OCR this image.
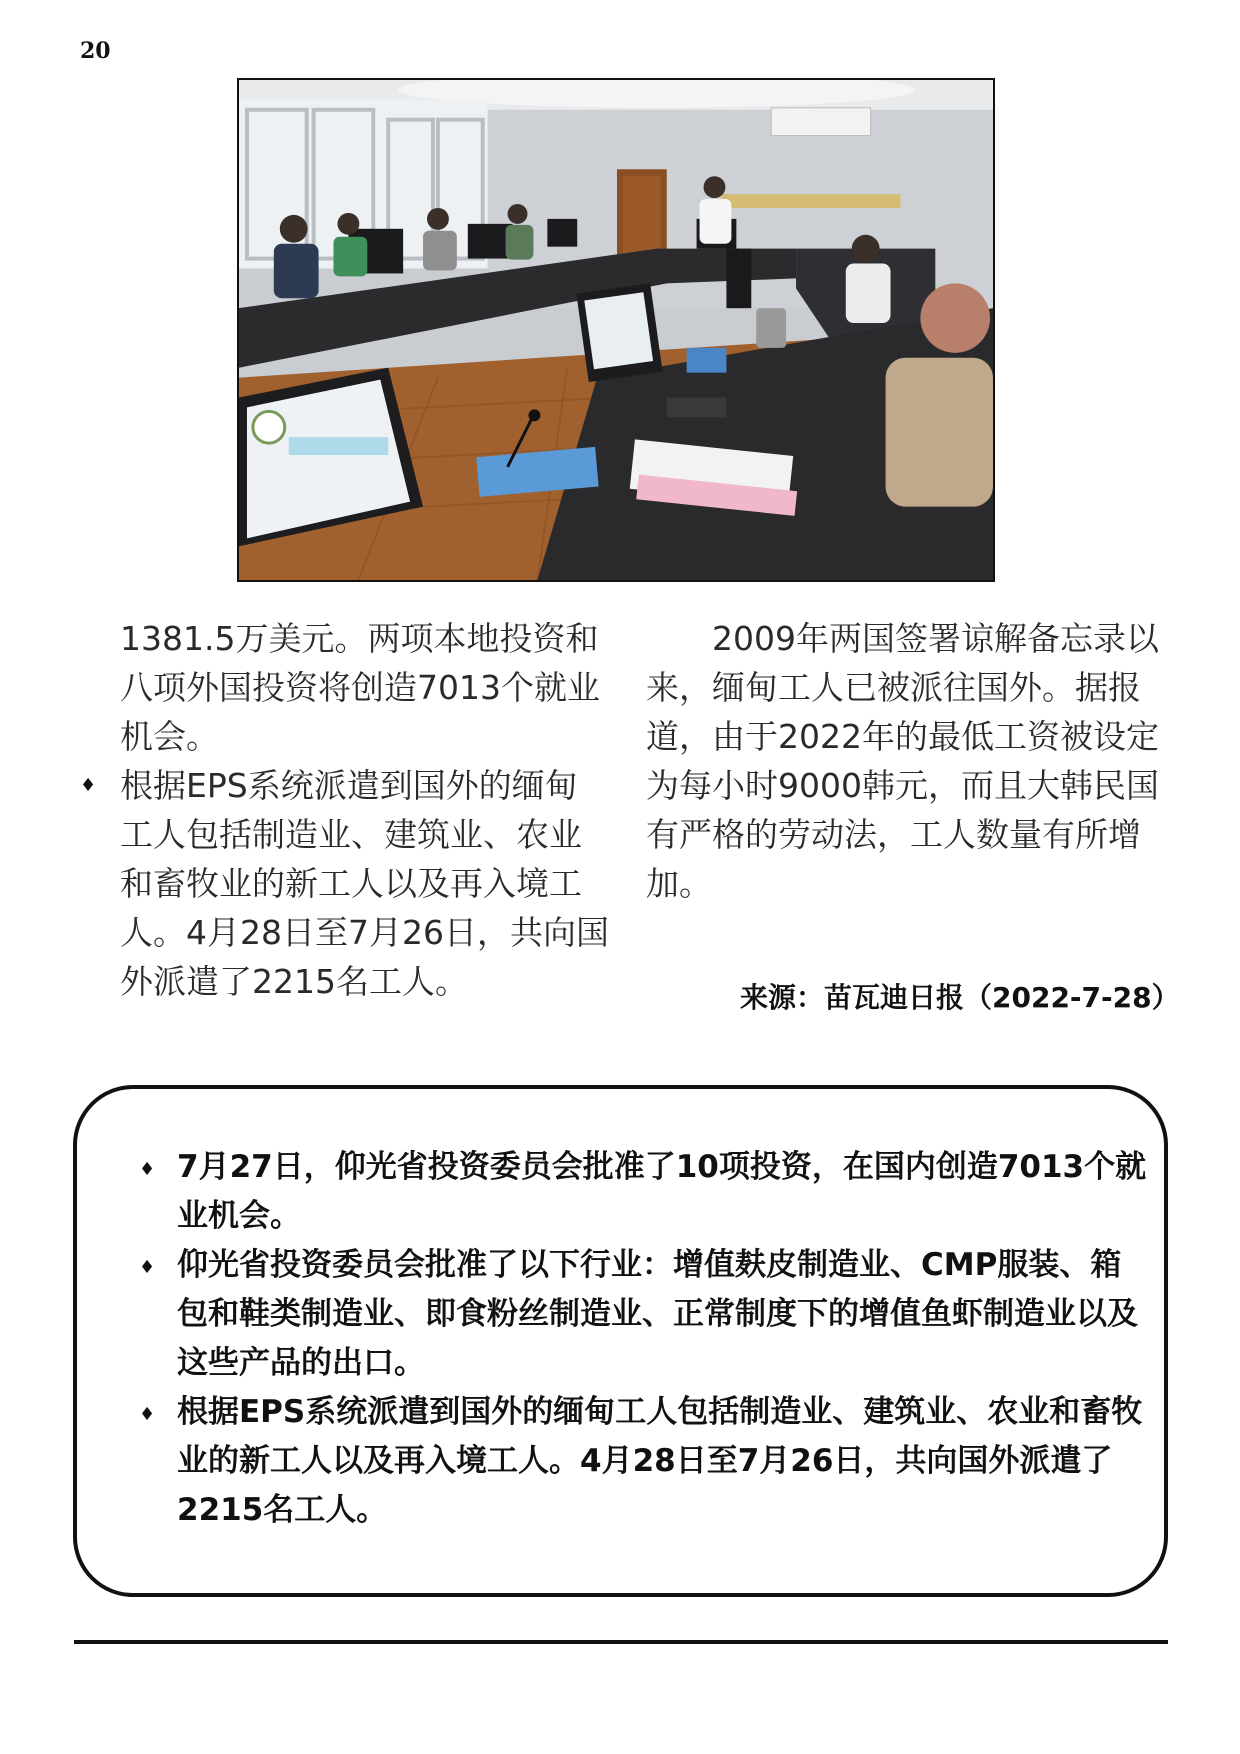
20

1381.5万美元。两项本地投资和八项外国投资将创造7013个就业机会。

♦ 根据EPS系统派遣到国外的缅甸工人包括制造业、建筑业、农业和畜牧业的新工人以及再入境工人。4月28日至7月26日，共向国外派遣了2215名工人。

2009年两国签署谅解备忘录以来，缅甸工人已被派往国外。据报道，由于2022年的最低工资被设定为每小时9000韩元，而且大韩民国有严格的劳动法，工人数量有所增加。

来源：苗瓦迪日报（2022-7-28）
♦ 7月27日，仰光省投资委员会批准了10项投资，在国内创造7013个就业机会。
♦ 仰光省投资委员会批准了以下行业：增值麸皮制造业、CMP服装、箱包和鞋类制造业、即食粉丝制造业、正常制度下的增值鱼虾制造业以及这些产品的出口。
♦ 根据EPS系统派遣到国外的缅甸工人包括制造业、建筑业、农业和畜牧业的新工人以及再入境工人。4月28日至7月26日，共向国外派遣了2215名工人。
